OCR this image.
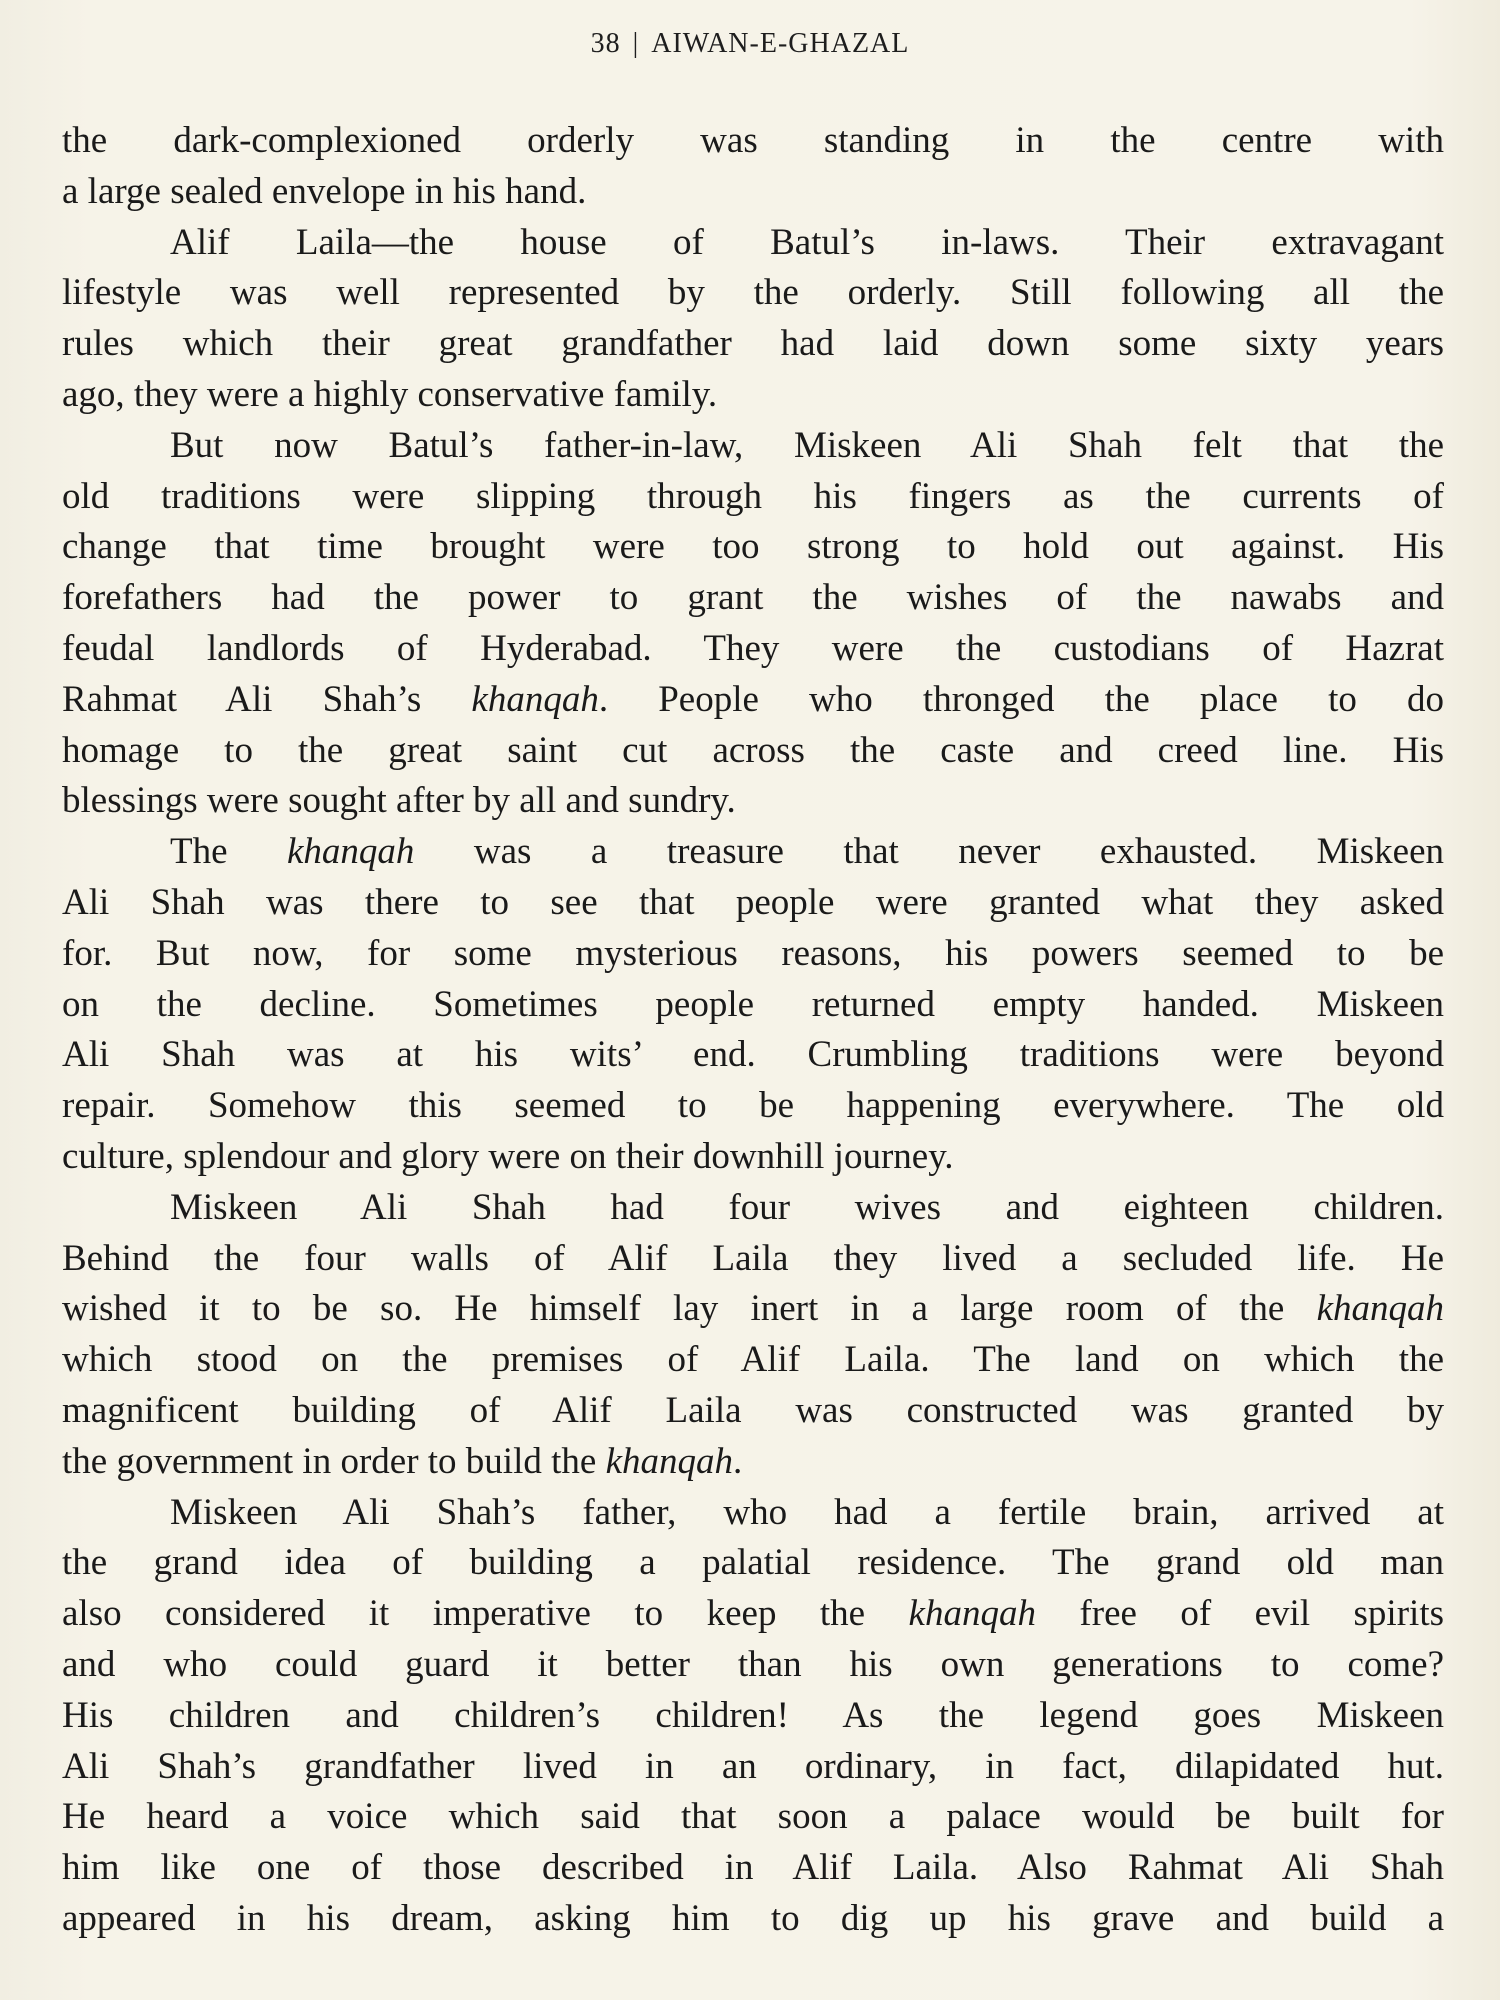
38 | AIWAN-E-GHAZAL
the dark-complexioned orderly was standing in the centre with
a large sealed envelope in his hand.
Alif Laila—the house of Batul’s in-laws. Their extravagant
lifestyle was well represented by the orderly. Still following all the
rules which their great grandfather had laid down some sixty years
ago, they were a highly conservative family.
But now Batul’s father-in-law, Miskeen Ali Shah felt that the
old traditions were slipping through his fingers as the currents of
change that time brought were too strong to hold out against. His
forefathers had the power to grant the wishes of the nawabs and
feudal landlords of Hyderabad. They were the custodians of Hazrat
Rahmat Ali Shah’s khanqah. People who thronged the place to do
homage to the great saint cut across the caste and creed line. His
blessings were sought after by all and sundry.
The khanqah was a treasure that never exhausted. Miskeen
Ali Shah was there to see that people were granted what they asked
for. But now, for some mysterious reasons, his powers seemed to be
on the decline. Sometimes people returned empty handed. Miskeen
Ali Shah was at his wits’ end. Crumbling traditions were beyond
repair. Somehow this seemed to be happening everywhere. The old
culture, splendour and glory were on their downhill journey.
Miskeen Ali Shah had four wives and eighteen children.
Behind the four walls of Alif Laila they lived a secluded life. He
wished it to be so. He himself lay inert in a large room of the khanqah
which stood on the premises of Alif Laila. The land on which the
magnificent building of Alif Laila was constructed was granted by
the government in order to build the khanqah.
Miskeen Ali Shah’s father, who had a fertile brain, arrived at
the grand idea of building a palatial residence. The grand old man
also considered it imperative to keep the khanqah free of evil spirits
and who could guard it better than his own generations to come?
His children and children’s children! As the legend goes Miskeen
Ali Shah’s grandfather lived in an ordinary, in fact, dilapidated hut.
He heard a voice which said that soon a palace would be built for
him like one of those described in Alif Laila. Also Rahmat Ali Shah
appeared in his dream, asking him to dig up his grave and build a
